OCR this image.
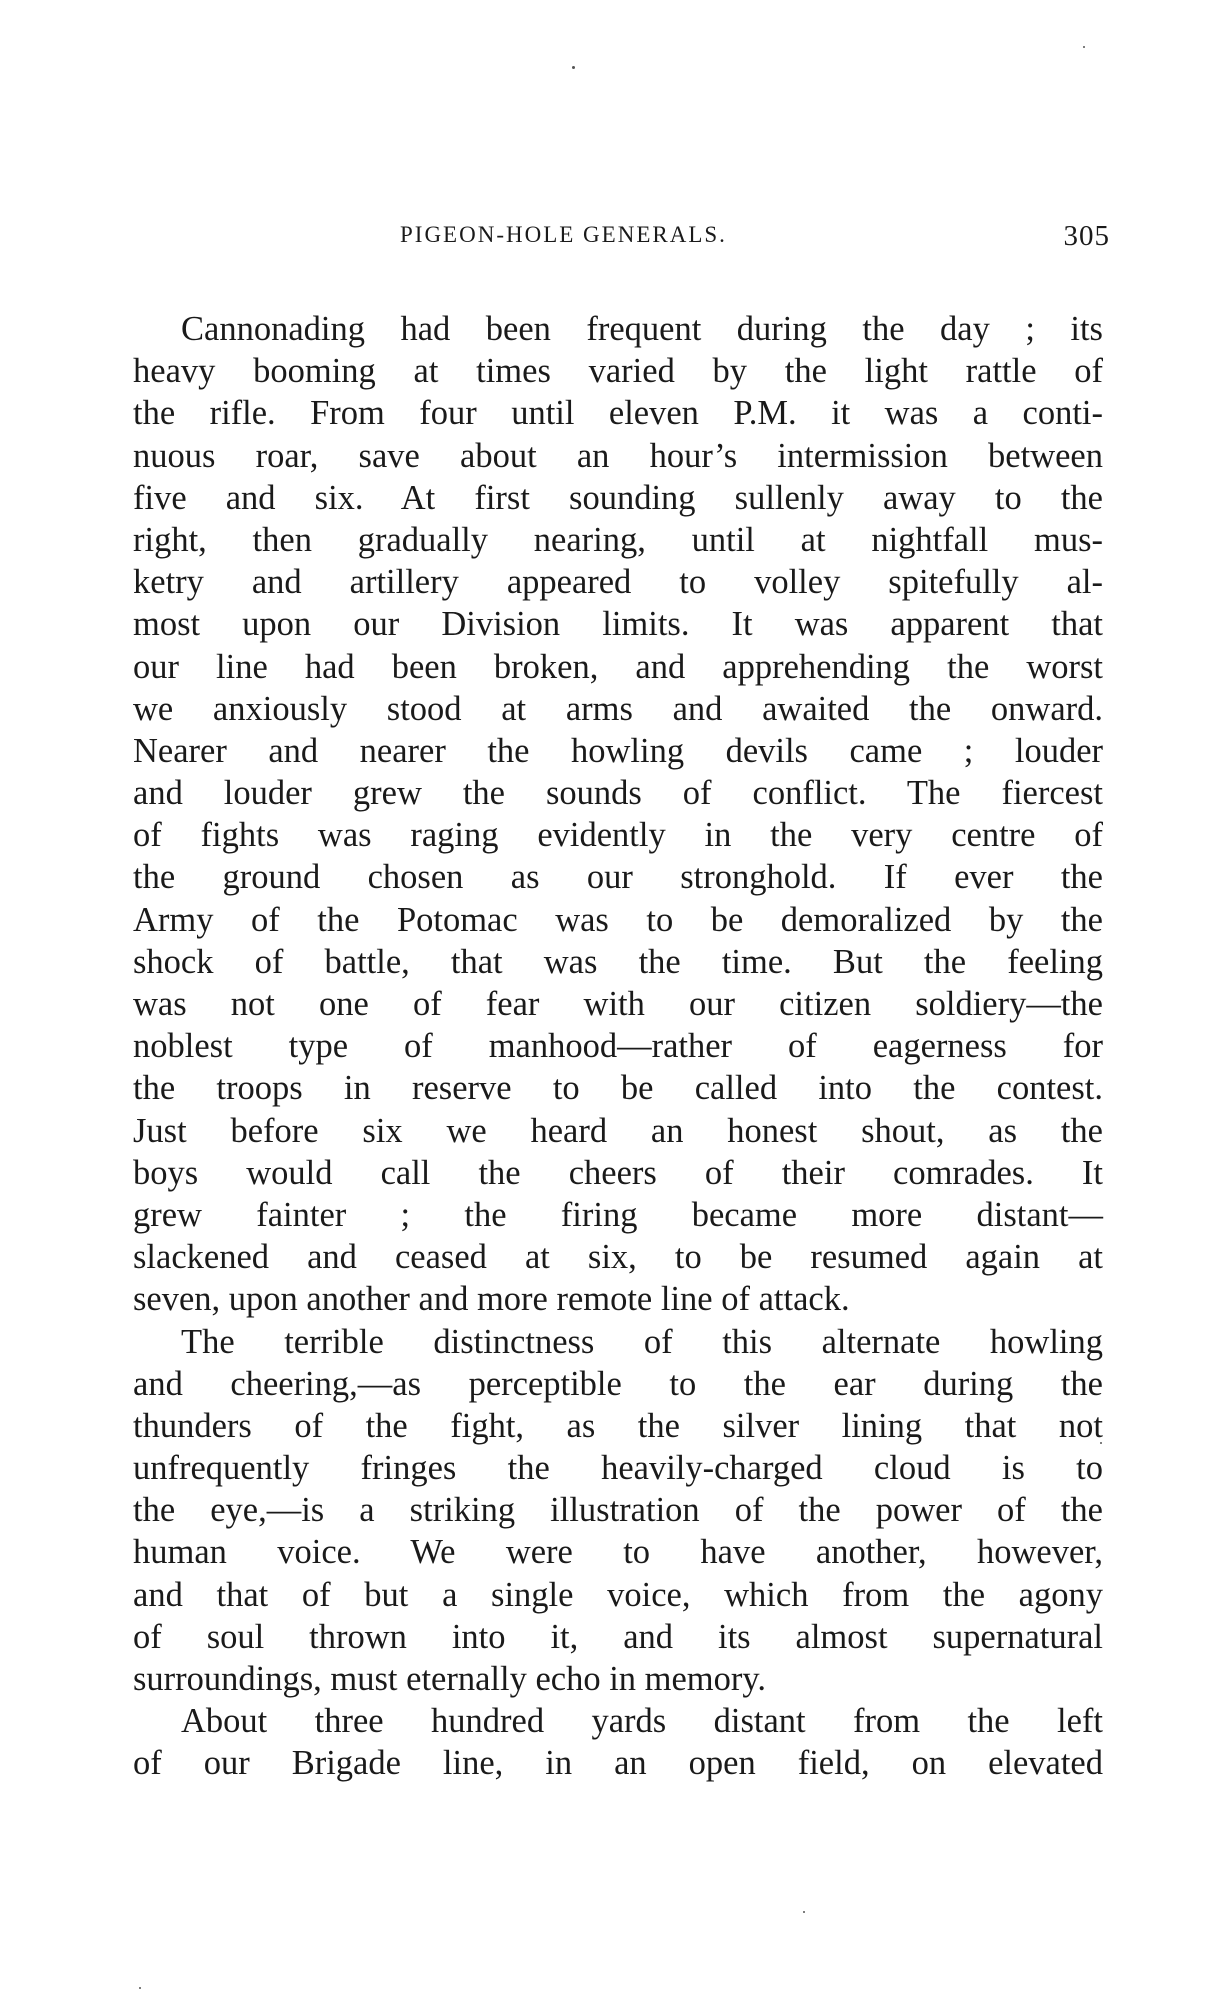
PIGEON-HOLE GENERALS.	305
Cannonading had been frequent during the day ; its
heavy booming at times varied by the light rattle of
the rifle. From four until eleven P.M. it was a conti-
nuous roar, save about an hour’s intermission between
five and six. At first sounding sullenly away to the
right, then gradually nearing, until at nightfall mus-
ketry and artillery appeared to volley spitefully al-
most upon our Division limits. It was apparent that
our line had been broken, and apprehending the worst
we anxiously stood at arms and awaited the onward.
Nearer and nearer the howling devils came ; louder
and louder grew the sounds of conflict. The fiercest
of fights was raging evidently in the very centre of
the ground chosen as our stronghold. If ever the
Army of the Potomac was to be demoralized by the
shock of battle, that was the time. But the feeling
was not one of fear with our citizen soldiery—the
noblest type of manhood—rather of eagerness for
the troops in reserve to be called into the contest.
Just before six we heard an honest shout, as the
boys would call the cheers of their comrades. It
grew fainter ; the firing became more distant—
slackened and ceased at six, to be resumed again at
seven, upon another and more remote line of attack.
The terrible distinctness of this alternate howling
and cheering,—as perceptible to the ear during the
thunders of the fight, as the silver lining that not
unfrequently fringes the heavily-charged cloud is to
the eye,—is a striking illustration of the power of the
human voice. We were to have another, however,
and that of but a single voice, which from the agony
of soul thrown into it, and its almost supernatural
surroundings, must eternally echo in memory.
About three hundred yards distant from the left
of our Brigade line, in an open field, on elevated
